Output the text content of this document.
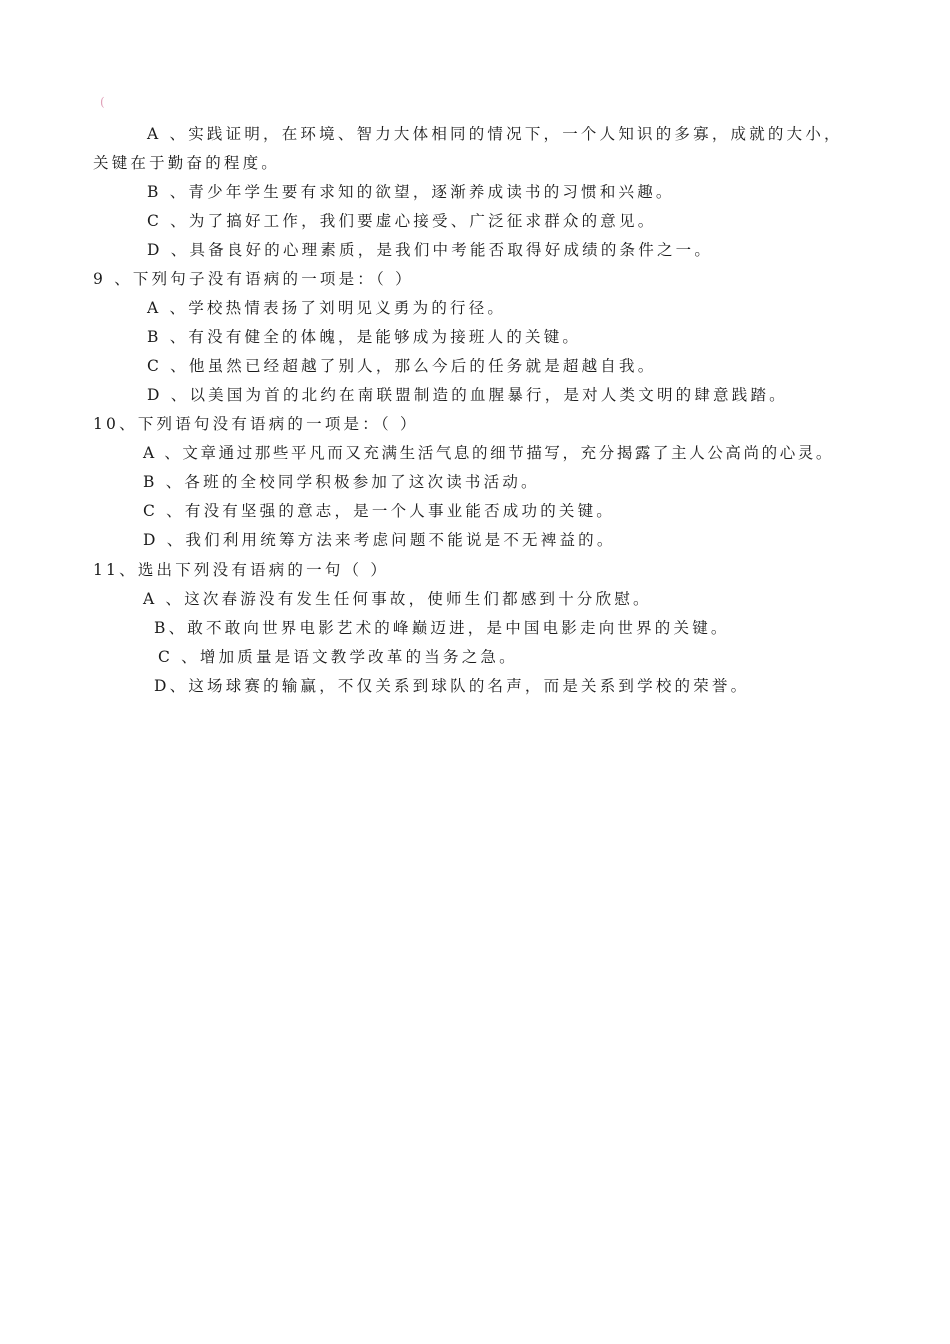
(
A 、实践证明，在环境、智力大体相同的情况下，一个人知识的多寡，成就的大小，
关键在于勤奋的程度。
B 、青少年学生要有求知的欲望，逐渐养成读书的习惯和兴趣。
C 、为了搞好工作，我们要虚心接受、广泛征求群众的意见。
D 、具备良好的心理素质，是我们中考能否取得好成绩的条件之一。
9 、下列句子没有语病的一项是：（ ）
A 、学校热情表扬了刘明见义勇为的行径。
B 、有没有健全的体魄，是能够成为接班人的关键。
C 、他虽然已经超越了别人，那么今后的任务就是超越自我。
D 、以美国为首的北约在南联盟制造的血腥暴行，是对人类文明的肆意践踏。
10、下列语句没有语病的一项是：（ ）
A 、文章通过那些平凡而又充满生活气息的细节描写，充分揭露了主人公高尚的心灵。
B 、各班的全校同学积极参加了这次读书活动。
C 、有没有坚强的意志，是一个人事业能否成功的关键。
D 、我们利用统筹方法来考虑问题不能说是不无裨益的。
11、选出下列没有语病的一句（ ）
A 、这次春游没有发生任何事故，使师生们都感到十分欣慰。
B、敢不敢向世界电影艺术的峰巅迈进，是中国电影走向世界的关键。
C 、增加质量是语文教学改革的当务之急。
D、这场球赛的输赢，不仅关系到球队的名声，而是关系到学校的荣誉。
